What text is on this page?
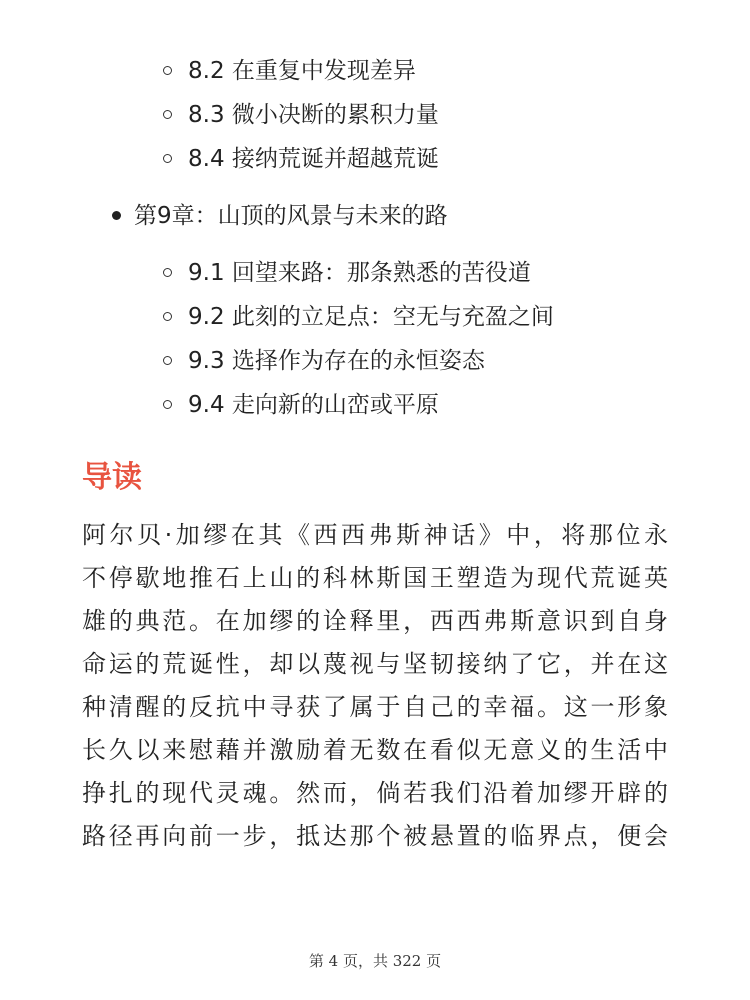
8.2 在重复中发现差异
8.3 微小决断的累积力量
8.4 接纳荒诞并超越荒诞
第9章：山顶的风景与未来的路
9.1 回望来路：那条熟悉的苦役道
9.2 此刻的立足点：空无与充盈之间
9.3 选择作为存在的永恒姿态
9.4 走向新的山峦或平原
导读
阿尔贝·加缪在其《西西弗斯神话》中，将那位永
不停歇地推石上山的科林斯国王塑造为现代荒诞英
雄的典范。在加缪的诠释里，西西弗斯意识到自身
命运的荒诞性，却以蔑视与坚韧接纳了它，并在这
种清醒的反抗中寻获了属于自己的幸福。这一形象
长久以来慰藉并激励着无数在看似无意义的生活中
挣扎的现代灵魂。然而，倘若我们沿着加缪开辟的
路径再向前一步，抵达那个被悬置的临界点，便会
第 4 页，共 322 页
